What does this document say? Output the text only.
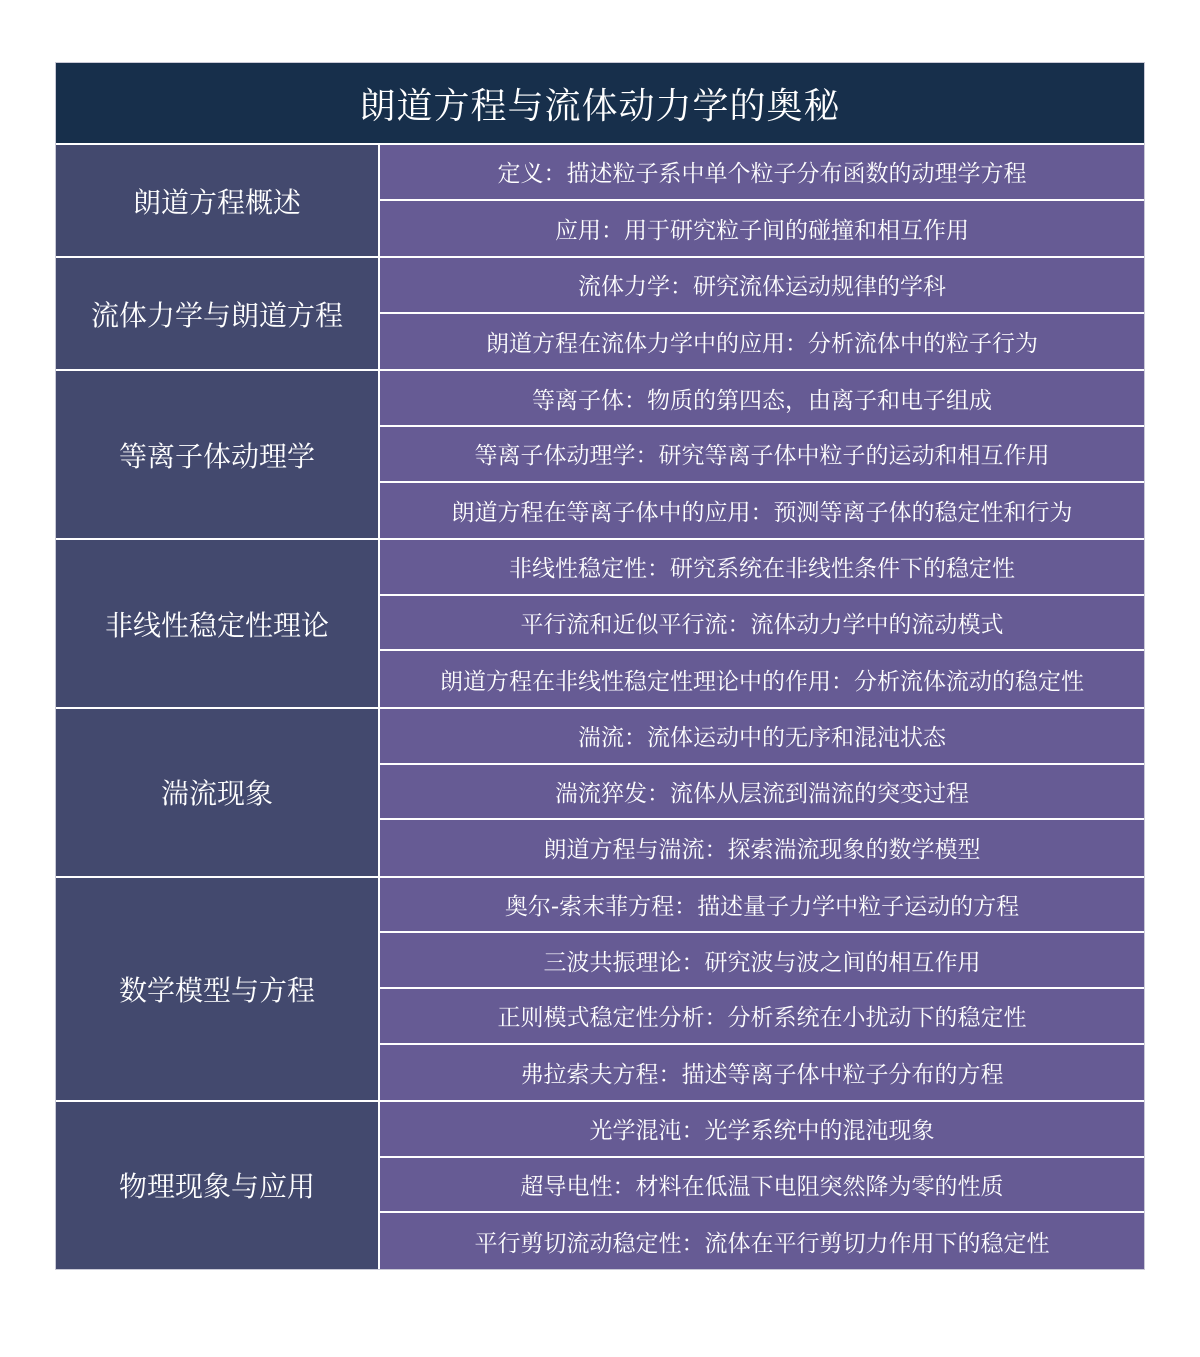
朗道方程与流体动力学的奥秘
朗道方程概述
定义：描述粒子系中单个粒子分布函数的动理学方程
应用：用于研究粒子间的碰撞和相互作用
流体力学与朗道方程
流体力学：研究流体运动规律的学科
朗道方程在流体力学中的应用：分析流体中的粒子行为
等离子体动理学
等离子体：物质的第四态，由离子和电子组成
等离子体动理学：研究等离子体中粒子的运动和相互作用
朗道方程在等离子体中的应用：预测等离子体的稳定性和行为
非线性稳定性理论
非线性稳定性：研究系统在非线性条件下的稳定性
平行流和近似平行流：流体动力学中的流动模式
朗道方程在非线性稳定性理论中的作用：分析流体流动的稳定性
湍流现象
湍流：流体运动中的无序和混沌状态
湍流猝发：流体从层流到湍流的突变过程
朗道方程与湍流：探索湍流现象的数学模型
数学模型与方程
奥尔-索末菲方程：描述量子力学中粒子运动的方程
三波共振理论：研究波与波之间的相互作用
正则模式稳定性分析：分析系统在小扰动下的稳定性
弗拉索夫方程：描述等离子体中粒子分布的方程
物理现象与应用
光学混沌：光学系统中的混沌现象
超导电性：材料在低温下电阻突然降为零的性质
平行剪切流动稳定性：流体在平行剪切力作用下的稳定性
